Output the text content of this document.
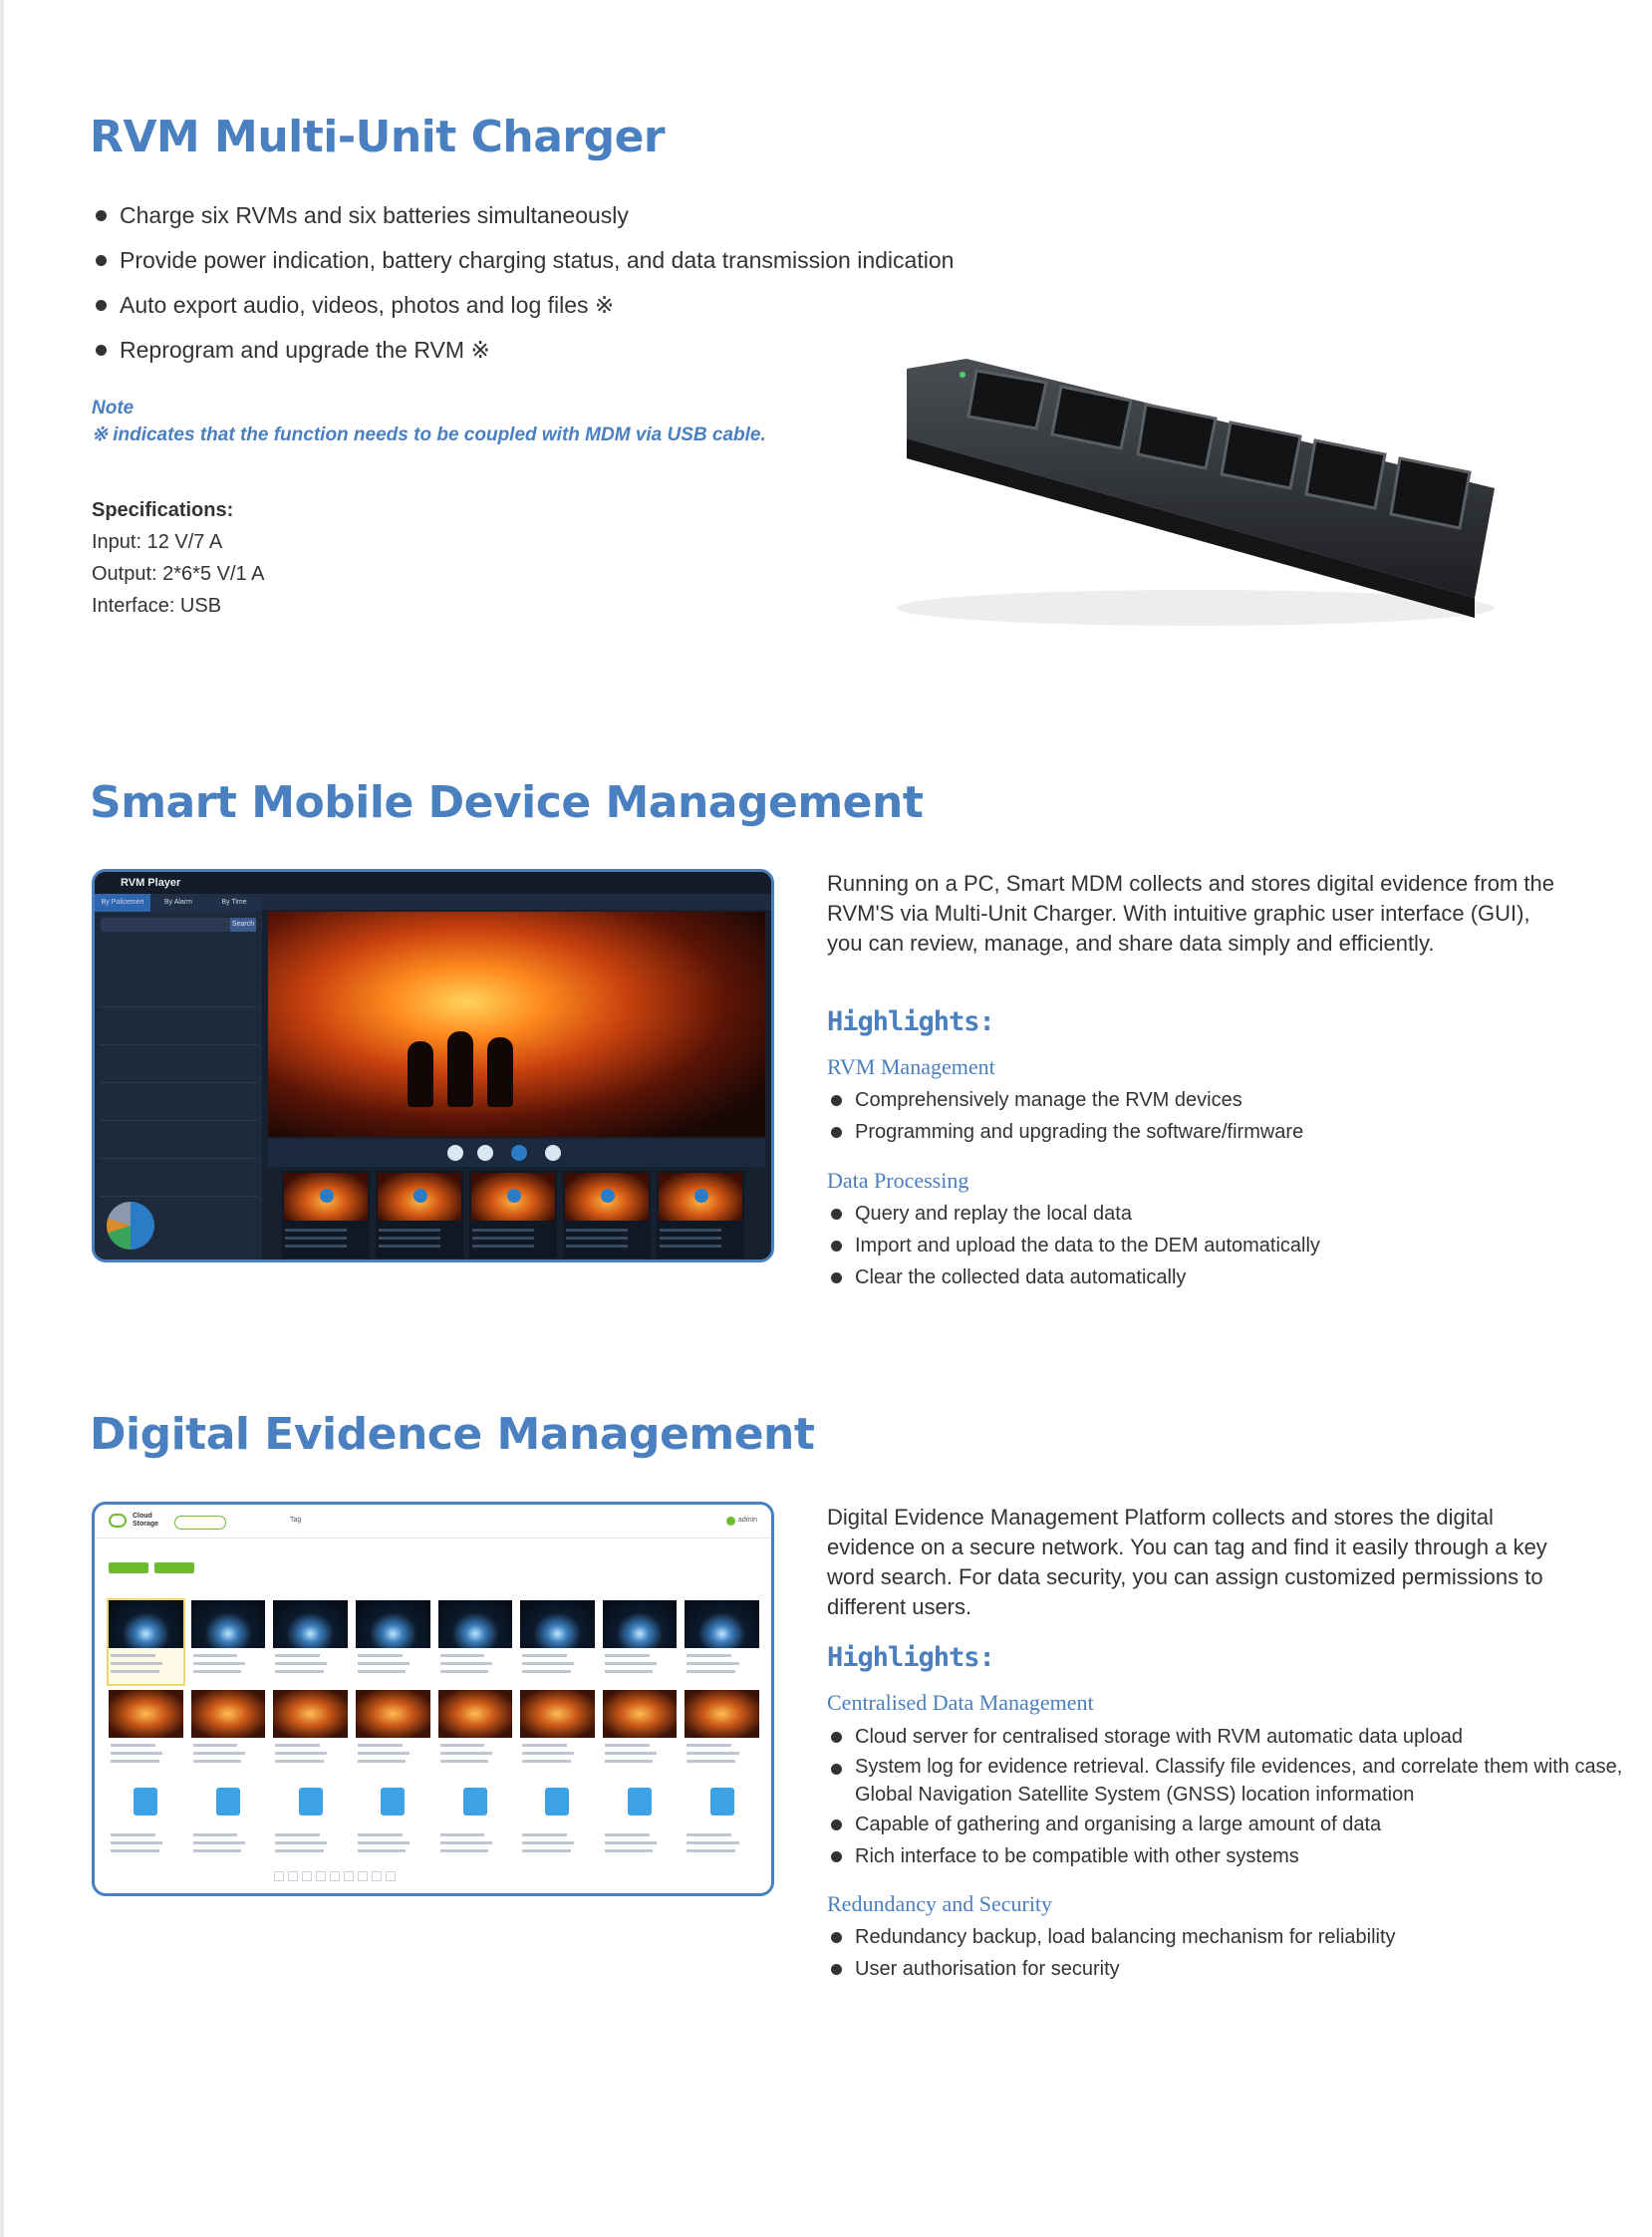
RVM Multi-Unit Charger
Charge six RVMs and six batteries simultaneously
Provide power indication, battery charging status, and data transmission indication
Auto export audio, videos, photos and log files ※
Reprogram and upgrade the RVM ※
Note
※ indicates that the function needs to be coupled with MDM via USB cable.
Specifications:
Input: 12 V/7 A
Output: 2*6*5 V/1 A
Interface: USB
Smart Mobile Device Management
RVM Player
By Policemen	By Alarm	By Time
Search

Running on a PC, Smart MDM collects and stores digital evidence from the RVM'S via Multi-Unit Charger. With intuitive graphic user interface (GUI), you can review, manage, and share data simply and efficiently.
Highlights:
RVM Management
Comprehensively manage the RVM devices
Programming and upgrading the software/firmware
Data Processing
Query and replay the local data
Import and upload the data to the DEM automatically
Clear the collected data automatically
Digital Evidence Management
Cloud Storage
Tag	admin	Digital Evidence Management Platform collects and stores the digital evidence on a secure network. You can tag and find it easily through a key word search. For data security, you can assign customized permissions to different users.
Highlights:
Centralised Data Management
Cloud server for centralised storage with RVM automatic data upload
System log for evidence retrieval. Classify file evidences, and correlate them with case, Global Navigation Satellite System (GNSS) location information
Capable of gathering and organising a large amount of data
Rich interface to be compatible with other systems
Redundancy and Security
Redundancy backup, load balancing mechanism for reliability
User authorisation for security
